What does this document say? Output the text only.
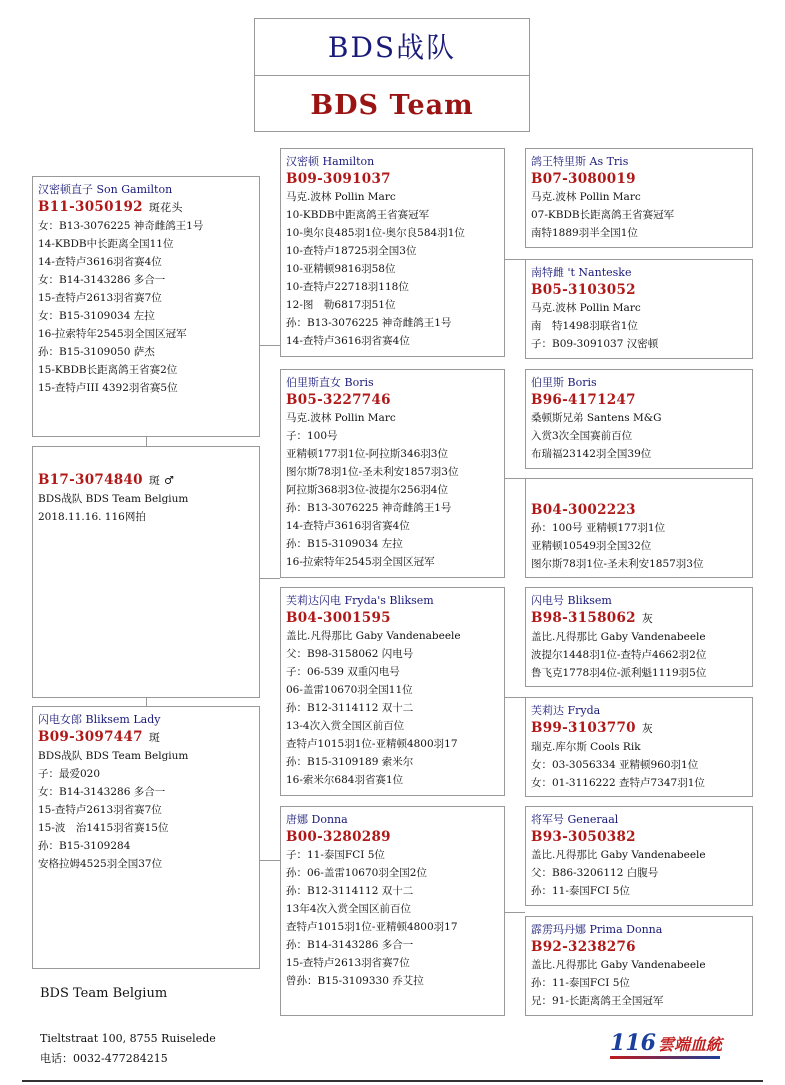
BDS战队
BDS Team
汉密顿直子 Son Gamilton
B11-3050192 斑花头
女：B13-3076225 神奇雌鸽王1号
14-KBDB中长距离全国11位
14-查特卢3616羽省赛4位
女：B14-3143286 多合一
15-查特卢2613羽省赛7位
女：B15-3109034 左拉
16-拉索特年2545羽全国区冠军
孙：B15-3109050 萨杰
15-KBDB长距离鸽王省赛2位
15-查特卢III 4392羽省赛5位
B17-3074840 斑 ♂
BDS战队 BDS Team Belgium
2018.11.16. 116网拍
闪电女郎 Bliksem Lady
B09-3097447 斑
BDS战队 BDS Team Belgium
子：最爱020
女：B14-3143286 多合一
15-查特卢2613羽省赛7位
15-波　治1415羽省赛15位
孙：B15-3109284
安格拉姆4525羽全国37位
汉密顿 Hamilton
B09-3091037
马克.波林 Pollin Marc
10-KBDB中距离鸽王省赛冠军
10-奥尔良485羽1位-奥尔良584羽1位
10-查特卢18725羽全国3位
10-亚精顿9816羽58位
10-查特卢22718羽118位
12-图　勒6817羽51位
孙：B13-3076225 神奇雌鸽王1号
14-查特卢3616羽省赛4位
伯里斯直女 Boris
B05-3227746
马克.波林 Pollin Marc
子：100号
亚精顿177羽1位-阿拉斯346羽3位
图尔斯78羽1位-圣未利安1857羽3位
阿拉斯368羽3位-波提尔256羽4位
孙：B13-3076225 神奇雌鸽王1号
14-查特卢3616羽省赛4位
孙：B15-3109034 左拉
16-拉索特年2545羽全国区冠军
芙莉达闪电 Fryda's Bliksem
B04-3001595
盖比.凡得那比 Gaby Vandenabeele
父：B98-3158062 闪电号
子：06-539 双重闪电号
06-盖雷10670羽全国11位
孙：B12-3114112 双十二
13-4次入赏全国区前百位
查特卢1015羽1位-亚精顿4800羽17
孙：B15-3109189 索米尔
16-索米尔684羽省赛1位
唐娜 Donna
B00-3280289
子：11-泰国FCI 5位
孙：06-盖雷10670羽全国2位
孙：B12-3114112 双十二
13年4次入赏全国区前百位
查特卢1015羽1位-亚精顿4800羽17
孙：B14-3143286 多合一
15-查特卢2613羽省赛7位
曾孙：B15-3109330 乔艾拉
鸽王特里斯 As Tris
B07-3080019
马克.波林 Pollin Marc
07-KBDB长距离鸽王省赛冠军
南特1889羽半全国1位
南特雌 't Nanteske
B05-3103052
马克.波林 Pollin Marc
南　特1498羽联省1位
子：B09-3091037 汉密顿
伯里斯 Boris
B96-4171247
桑顿斯兄弟 Santens M&G
入赏3次全国赛前百位
布瑞福23142羽全国39位
B04-3002223
孙：100号 亚精顿177羽1位
亚精顿10549羽全国32位
图尔斯78羽1位-圣未利安1857羽3位
闪电号 Bliksem
B98-3158062 灰
盖比.凡得那比 Gaby Vandenabeele
波提尔1448羽1位-查特卢4662羽2位
鲁飞克1778羽4位-派利魁1119羽5位
芙莉达 Fryda
B99-3103770 灰
瑞克.库尔斯 Cools Rik
女：03-3056334 亚精顿960羽1位
女：01-3116222 查特卢7347羽1位
将军号 Generaal
B93-3050382
盖比.凡得那比 Gaby Vandenabeele
父：B86-3206112 白腹号
孙：11-泰国FCI 5位
霹雳玛丹娜 Prima Donna
B92-3238276
盖比.凡得那比 Gaby Vandenabeele
孙：11-泰国FCI 5位
兄：91-长距离鸽王全国冠军
BDS Team Belgium
Tieltstraat 100, 8755 Ruiselede
电话：0032-477284215
116 雲端血統
